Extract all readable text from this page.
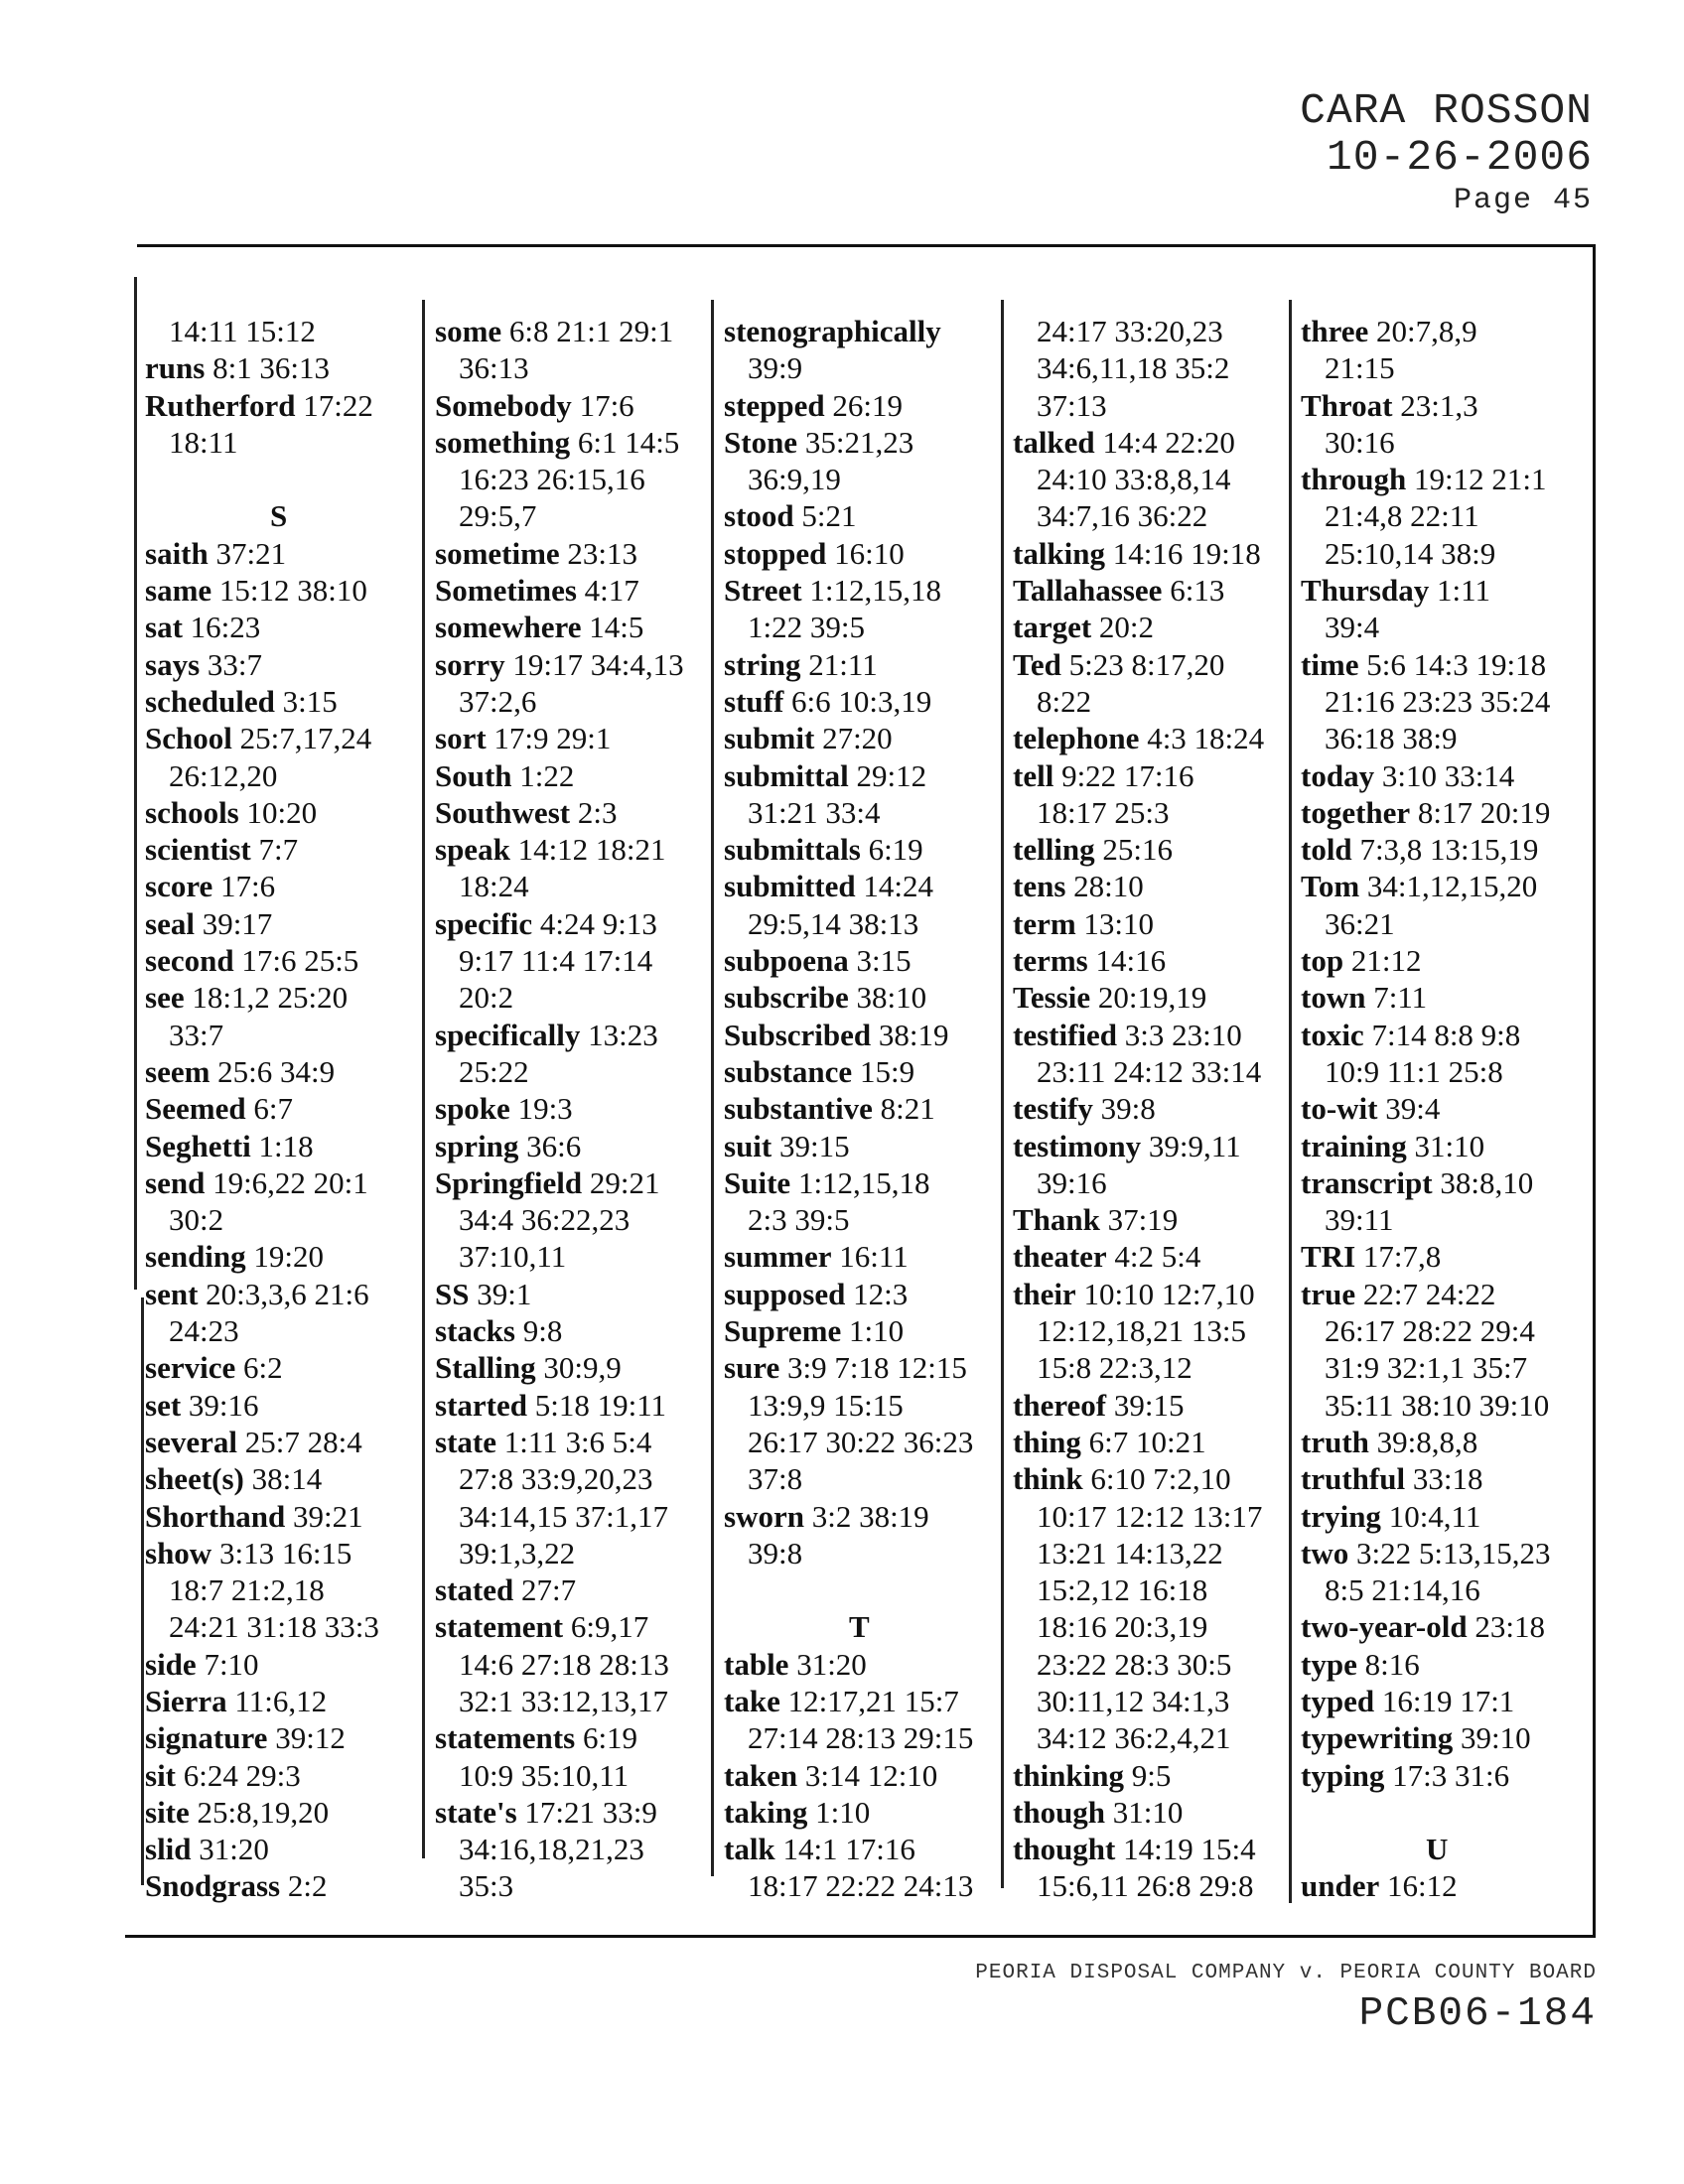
CARA ROSSON
10-26-2006
Page 45
14:11 15:12
runs 8:1 36:13
Rutherford 17:22
18:11
S
saith 37:21
same 15:12 38:10
sat 16:23
says 33:7
scheduled 3:15
School 25:7,17,24
26:12,20
schools 10:20
scientist 7:7
score 17:6
seal 39:17
second 17:6 25:5
see 18:1,2 25:20
33:7
seem 25:6 34:9
Seemed 6:7
Seghetti 1:18
send 19:6,22 20:1
30:2
sending 19:20
sent 20:3,3,6 21:6
24:23
service 6:2
set 39:16
several 25:7 28:4
sheet(s) 38:14
Shorthand 39:21
show 3:13 16:15
18:7 21:2,18
24:21 31:18 33:3
side 7:10
Sierra 11:6,12
signature 39:12
sit 6:24 29:3
site 25:8,19,20
slid 31:20
Snodgrass 2:2
some 6:8 21:1 29:1
36:13
Somebody 17:6
something 6:1 14:5
16:23 26:15,16
29:5,7
sometime 23:13
Sometimes 4:17
somewhere 14:5
sorry 19:17 34:4,13
37:2,6
sort 17:9 29:1
South 1:22
Southwest 2:3
speak 14:12 18:21
18:24
specific 4:24 9:13
9:17 11:4 17:14
20:2
specifically 13:23
25:22
spoke 19:3
spring 36:6
Springfield 29:21
34:4 36:22,23
37:10,11
SS 39:1
stacks 9:8
Stalling 30:9,9
started 5:18 19:11
state 1:11 3:6 5:4
27:8 33:9,20,23
34:14,15 37:1,17
39:1,3,22
stated 27:7
statement 6:9,17
14:6 27:18 28:13
32:1 33:12,13,17
statements 6:19
10:9 35:10,11
state's 17:21 33:9
34:16,18,21,23
35:3
stenographically
39:9
stepped 26:19
Stone 35:21,23
36:9,19
stood 5:21
stopped 16:10
Street 1:12,15,18
1:22 39:5
string 21:11
stuff 6:6 10:3,19
submit 27:20
submittal 29:12
31:21 33:4
submittals 6:19
submitted 14:24
29:5,14 38:13
subpoena 3:15
subscribe 38:10
Subscribed 38:19
substance 15:9
substantive 8:21
suit 39:15
Suite 1:12,15,18
2:3 39:5
summer 16:11
supposed 12:3
Supreme 1:10
sure 3:9 7:18 12:15
13:9,9 15:15
26:17 30:22 36:23
37:8
sworn 3:2 38:19
39:8
T
table 31:20
take 12:17,21 15:7
27:14 28:13 29:15
taken 3:14 12:10
taking 1:10
talk 14:1 17:16
18:17 22:22 24:13
24:17 33:20,23
34:6,11,18 35:2
37:13
talked 14:4 22:20
24:10 33:8,8,14
34:7,16 36:22
talking 14:16 19:18
Tallahassee 6:13
target 20:2
Ted 5:23 8:17,20
8:22
telephone 4:3 18:24
tell 9:22 17:16
18:17 25:3
telling 25:16
tens 28:10
term 13:10
terms 14:16
Tessie 20:19,19
testified 3:3 23:10
23:11 24:12 33:14
testify 39:8
testimony 39:9,11
39:16
Thank 37:19
theater 4:2 5:4
their 10:10 12:7,10
12:12,18,21 13:5
15:8 22:3,12
thereof 39:15
thing 6:7 10:21
think 6:10 7:2,10
10:17 12:12 13:17
13:21 14:13,22
15:2,12 16:18
18:16 20:3,19
23:22 28:3 30:5
30:11,12 34:1,3
34:12 36:2,4,21
thinking 9:5
though 31:10
thought 14:19 15:4
15:6,11 26:8 29:8
three 20:7,8,9
21:15
Throat 23:1,3
30:16
through 19:12 21:1
21:4,8 22:11
25:10,14 38:9
Thursday 1:11
39:4
time 5:6 14:3 19:18
21:16 23:23 35:24
36:18 38:9
today 3:10 33:14
together 8:17 20:19
told 7:3,8 13:15,19
Tom 34:1,12,15,20
36:21
top 21:12
town 7:11
toxic 7:14 8:8 9:8
10:9 11:1 25:8
to-wit 39:4
training 31:10
transcript 38:8,10
39:11
TRI 17:7,8
true 22:7 24:22
26:17 28:22 29:4
31:9 32:1,1 35:7
35:11 38:10 39:10
truth 39:8,8,8
truthful 33:18
trying 10:4,11
two 3:22 5:13,15,23
8:5 21:14,16
two-year-old 23:18
type 8:16
typed 16:19 17:1
typewriting 39:10
typing 17:3 31:6
U
under 16:12
PEORIA DISPOSAL COMPANY v. PEORIA COUNTY BOARD
PCB06-184
